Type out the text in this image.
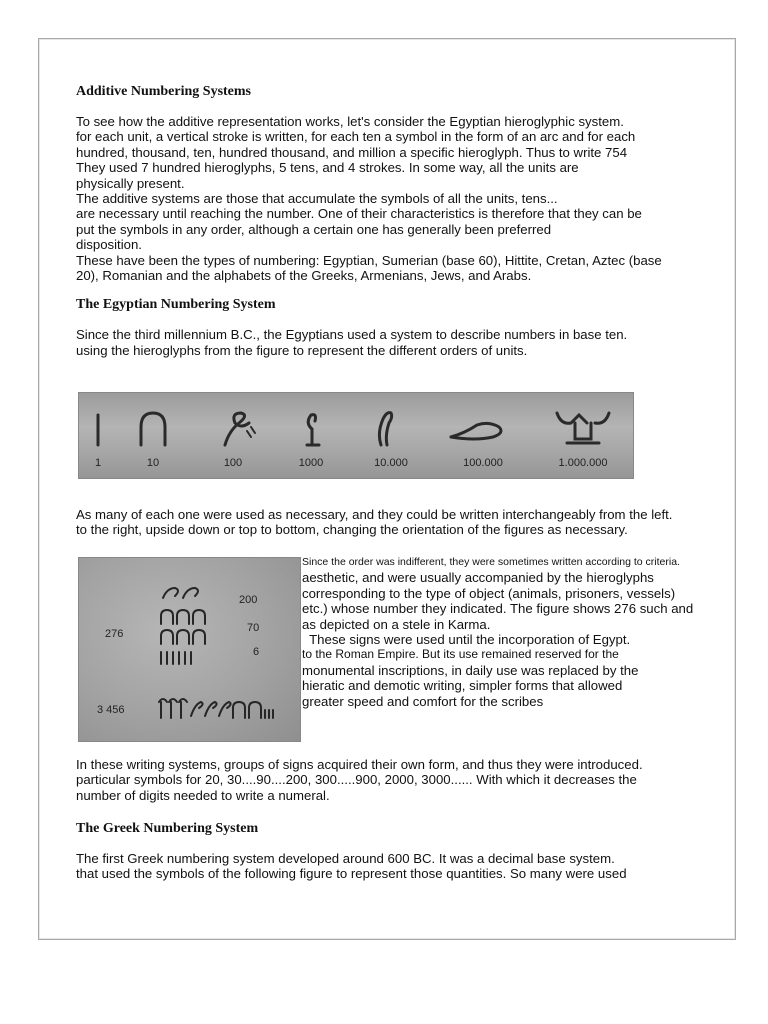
Additive Numbering Systems

To see how the additive representation works, let's consider the Egyptian hieroglyphic system.

for each unit, a vertical stroke is written, for each ten a symbol in the form of an arc and for each

hundred, thousand, ten, hundred thousand, and million a specific hieroglyph. Thus to write 754

They used 7 hundred hieroglyphs, 5 tens, and 4 strokes. In some way, all the units are

physically present.

The additive systems are those that accumulate the symbols of all the units, tens...

are necessary until reaching the number. One of their characteristics is therefore that they can be

put the symbols in any order, although a certain one has generally been preferred

disposition.

These have been the types of numbering: Egyptian, Sumerian (base 60), Hittite, Cretan, Aztec (base

20), Romanian and the alphabets of the Greeks, Armenians, Jews, and Arabs.

The Egyptian Numbering System

Since the third millennium B.C., the Egyptians used a system to describe numbers in base ten.

using the hieroglyphs from the figure to represent the different orders of units.

1	10	100	1000	10.000	100.000	1.000.000

As many of each one were used as necessary, and they could be written interchangeably from the left.

to the right, upside down or top to bottom, changing the orientation of the figures as necessary.

200
276	70
6
3 456

Since the order was indifferent, they were sometimes written according to criteria.

aesthetic, and were usually accompanied by the hieroglyphs

corresponding to the type of object (animals, prisoners, vessels)

etc.) whose number they indicated. The figure shows 276 such and

as depicted on a stele in Karma.

These signs were used until the incorporation of Egypt.

to the Roman Empire. But its use remained reserved for the

monumental inscriptions, in daily use was replaced by the

hieratic and demotic writing, simpler forms that allowed

greater speed and comfort for the scribes

In these writing systems, groups of signs acquired their own form, and thus they were introduced.

particular symbols for 20, 30....90....200, 300.....900, 2000, 3000...... With which it decreases the

number of digits needed to write a numeral.

The Greek Numbering System

The first Greek numbering system developed around 600 BC. It was a decimal base system.

that used the symbols of the following figure to represent those quantities. So many were used
